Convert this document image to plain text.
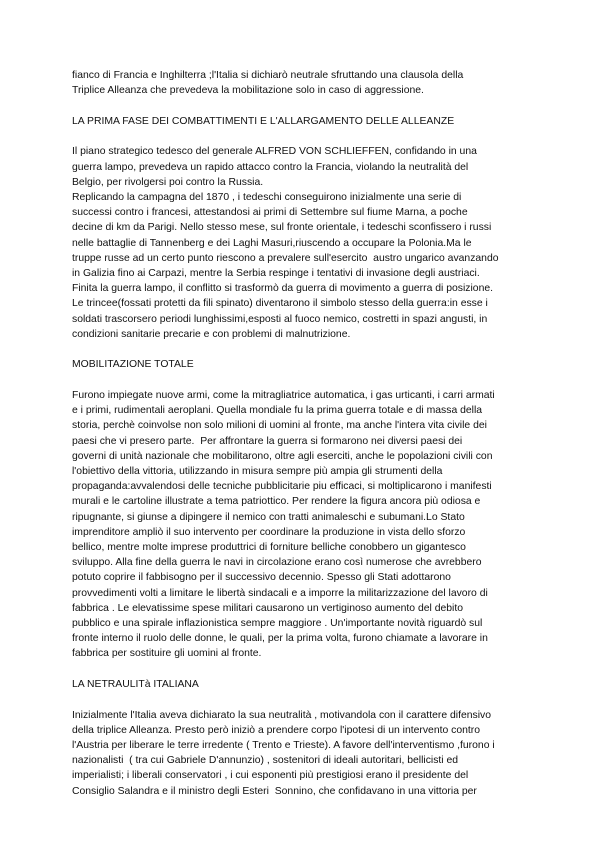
fianco di Francia e Inghilterra ;l'Italia si dichiarò neutrale sfruttando una clausola della
Triplice Alleanza che prevedeva la mobilitazione solo in caso di aggressione.
LA PRIMA FASE DEI COMBATTIMENTI E L'ALLARGAMENTO DELLE ALLEANZE
Il piano strategico tedesco del generale ALFRED VON SCHLIEFFEN, confidando in una
guerra lampo, prevedeva un rapido attacco contro la Francia, violando la neutralità del
Belgio, per rivolgersi poi contro la Russia.
Replicando la campagna del 1870 , i tedeschi conseguirono inizialmente una serie di
successi contro i francesi, attestandosi ai primi di Settembre sul fiume Marna, a poche
decine di km da Parigi. Nello stesso mese, sul fronte orientale, i tedeschi sconfissero i russi
nelle battaglie di Tannenberg e dei Laghi Masuri,riuscendo a occupare la Polonia.Ma le
truppe russe ad un certo punto riescono a prevalere sull'esercito  austro ungarico avanzando
in Galizia fino ai Carpazi, mentre la Serbia respinge i tentativi di invasione degli austriaci.
Finita la guerra lampo, il conflitto si trasformò da guerra di movimento a guerra di posizione.
Le trincee(fossati protetti da fili spinato) diventarono il simbolo stesso della guerra:in esse i
soldati trascorsero periodi lunghissimi,esposti al fuoco nemico, costretti in spazi angusti, in
condizioni sanitarie precarie e con problemi di malnutrizione.
MOBILITAZIONE TOTALE
Furono impiegate nuove armi, come la mitragliatrice automatica, i gas urticanti, i carri armati
e i primi, rudimentali aeroplani. Quella mondiale fu la prima guerra totale e di massa della
storia, perchè coinvolse non solo milioni di uomini al fronte, ma anche l'intera vita civile dei
paesi che vi presero parte.  Per affrontare la guerra si formarono nei diversi paesi dei
governi di unità nazionale che mobilitarono, oltre agli eserciti, anche le popolazioni civili con
l'obiettivo della vittoria, utilizzando in misura sempre più ampia gli strumenti della
propaganda:avvalendosi delle tecniche pubblicitarie piu efficaci, si moltiplicarono i manifesti
murali e le cartoline illustrate a tema patriottico. Per rendere la figura ancora più odiosa e
ripugnante, si giunse a dipingere il nemico con tratti animaleschi e subumani.Lo Stato
imprenditore ampliò il suo intervento per coordinare la produzione in vista dello sforzo
bellico, mentre molte imprese produttrici di forniture belliche conobbero un gigantesco
sviluppo. Alla fine della guerra le navi in circolazione erano così numerose che avrebbero
potuto coprire il fabbisogno per il successivo decennio. Spesso gli Stati adottarono
provvedimenti volti a limitare le libertà sindacali e a imporre la militarizzazione del lavoro di
fabbrica . Le elevatissime spese militari causarono un vertiginoso aumento del debito
pubblico e una spirale inflazionistica sempre maggiore . Un'importante novità riguardò sul
fronte interno il ruolo delle donne, le quali, per la prima volta, furono chiamate a lavorare in
fabbrica per sostituire gli uomini al fronte.
LA NETRAULITà ITALIANA
Inizialmente l'Italia aveva dichiarato la sua neutralità , motivandola con il carattere difensivo
della triplice Alleanza. Presto però iniziò a prendere corpo l'ipotesi di un intervento contro
l'Austria per liberare le terre irredente ( Trento e Trieste). A favore dell'interventismo ,furono i
nazionalisti  ( tra cui Gabriele D'annunzio) , sostenitori di ideali autoritari, bellicisti ed
imperialisti; i liberali conservatori , i cui esponenti più prestigiosi erano il presidente del
Consiglio Salandra e il ministro degli Esteri  Sonnino, che confidavano in una vittoria per
